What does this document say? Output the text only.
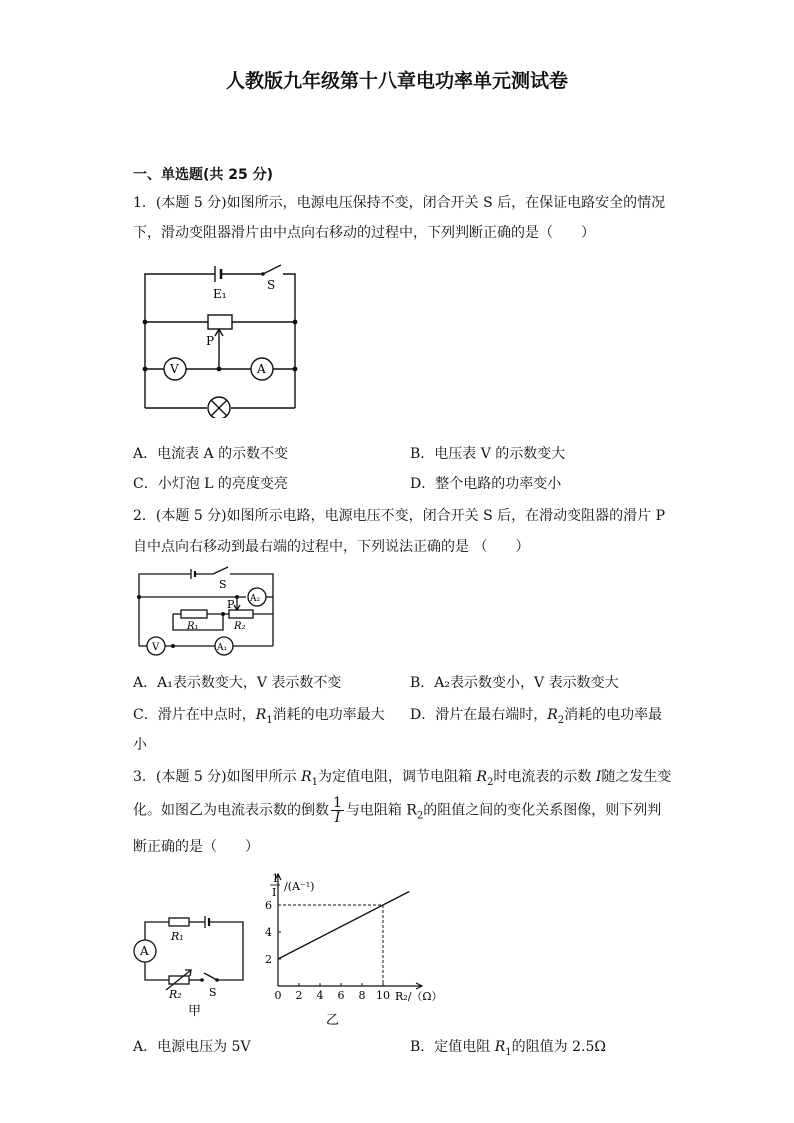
人教版九年级第十八章电功率单元测试卷
一、单选题(共 25 分)
1．(本题 5 分)如图所示，电源电压保持不变，闭合开关 S 后，在保证电路安全的情况
下，滑动变阻器滑片由中点向右移动的过程中，下列判断正确的是（　　）
E₁
S
P
V	A
A．电流表 A 的示数不变	B．电压表 V 的示数变大
C．小灯泡 L 的亮度变亮	D．整个电路的功率变小
2．(本题 5 分)如图所示电路，电源电压不变，闭合开关 S 后，在滑动变阻器的滑片 P
自中点向右移动到最右端的过程中，下列说法正确的是 （　　）
S
P A₂
R₁	R₂
V	A₁
A．A₁表示数变大，V 表示数不变	B．A₂表示数变小，V 表示数变大
C．滑片在中点时，$R_1$消耗的电功率最大 D．滑片在最右端时，$R_2$消耗的电功率最
小
3．(本题 5 分)如图甲所示 $R_1$为定值电阻，调节电阻箱 $R_2$时电流表的示数 I随之发生变
化。如图乙为电流表示数的倒数 $\frac{1}{I}$ 与电阻箱 $R_2$的阻值之间的变化关系图像，则下列判
断正确的是（　　）
A
R₁
R₂ S
甲
0 2 4 6 8 10
2
4
6
1
I /(A⁻¹)
R₂/（Ω）
乙
A．电源电压为 5V	B．定值电阻 $R_1$的阻值为 2.5Ω
